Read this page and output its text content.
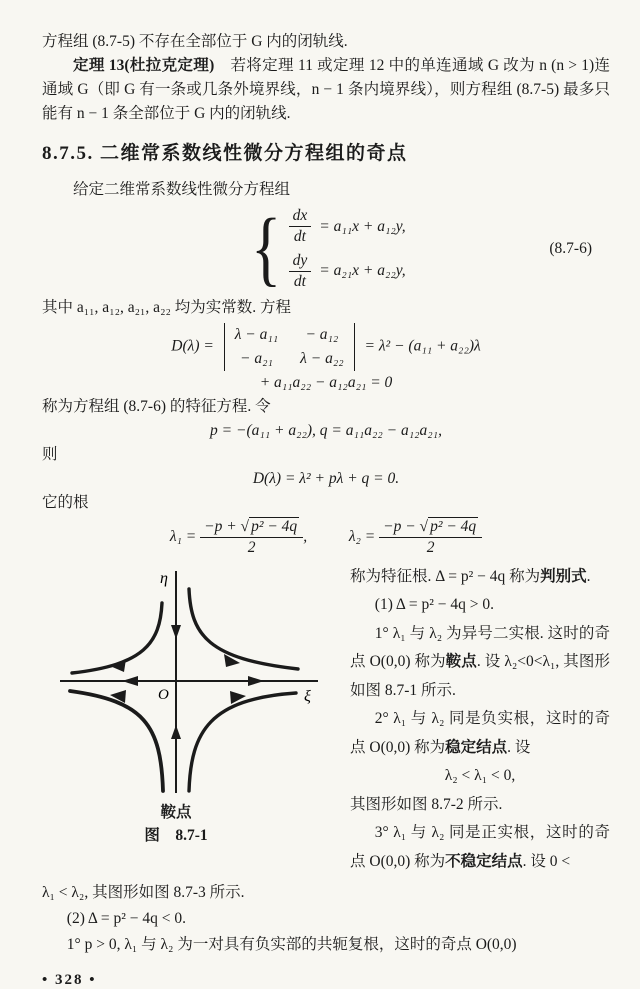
方程组 (8.7-5) 不存在全部位于 G 内的闭轨线.

定理 13(杜拉克定理)　若将定理 11 或定理 12 中的单连通域 G 改为 n (n > 1)连通域 G（即 G 有一条或几条外境界线，n − 1 条内境界线），则方程组 (8.7-5) 最多只能有 n − 1 条全部位于 G 内的闭轨线.

8.7.5. 二维常系数线性微分方程组的奇点

给定二维常系数线性微分方程组

{ $\frac{dx}{dt} = a_{11}x + a_{12}y$,
$\frac{dy}{dt} = a_{21}x + a_{22}y$,
(8.7-6)

其中 a₁₁, a₁₂, a₂₁, a₂₂ 均为实常数. 方程

D(λ) =
λ − a₁₁	− a₁₂
− a₂₁	λ − a₂₂
= λ² − (a₁₁ + a₂₂)λ
+ a₁₁a₂₂ − a₁₂a₂₁ = 0

称为方程组 (8.7-6) 的特征方程. 令

p = −(a₁₁ + a₂₂), q = a₁₁a₂₂ − a₁₂a₂₁,

则

D(λ) = λ² + pλ + q = 0.

它的根

$\lambda_1 = \frac{\text{−p + √ p² − 4q}}{2}$ ,	$\lambda_2 = \frac{\text{−p − √ p² − 4q}}{2}$
η
ξ
O
鞍点
图　8.7-1

称为特征根. Δ = p² − 4q 称为判别式.

(1) Δ = p² − 4q > 0.

1° λ₁ 与 λ₂ 为异号二实根. 这时的奇点 O(0,0) 称为鞍点. 设 λ₂<0<λ₁, 其图形如图 8.7-1 所示.

2° λ₁ 与 λ₂ 同是负实根，这时的奇点 O(0,0) 称为稳定结点. 设

λ₂ < λ₁ < 0,

其图形如图 8.7-2 所示.

3° λ₁ 与 λ₂ 同是正实根，这时的奇点 O(0,0) 称为不稳定结点. 设 0 <

λ₁ < λ₂, 其图形如图 8.7-3 所示.

(2) Δ = p² − 4q < 0.

1° p > 0, λ₁ 与 λ₂ 为一对具有负实部的共轭复根，这时的奇点 O(0,0)

• 328 •
